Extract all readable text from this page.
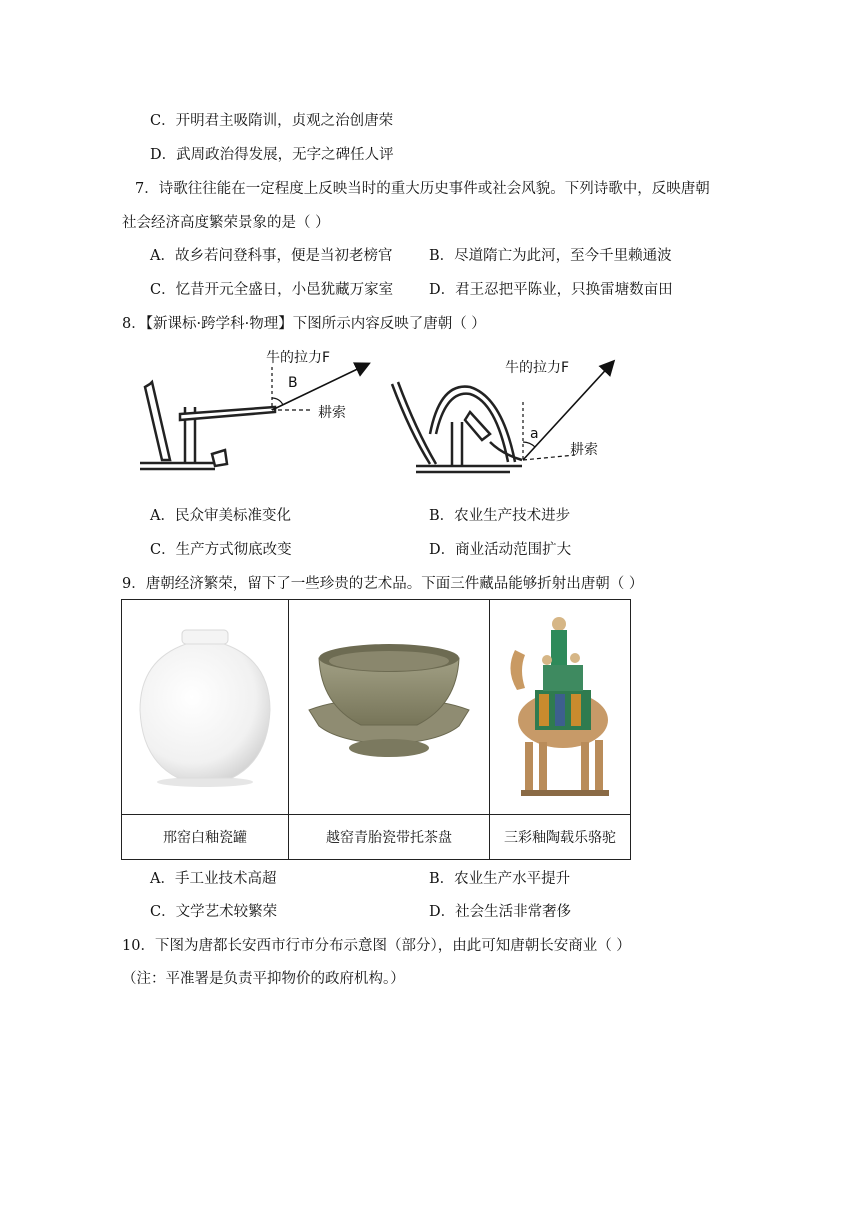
C．开明君主吸隋训，贞观之治创唐荣
D．武周政治得发展，无字之碑任人评
7．诗歌往往能在一定程度上反映当时的重大历史事件或社会风貌。下列诗歌中，反映唐朝
社会经济高度繁荣景象的是（ ）
A．故乡若问登科事，便是当初老榜官	B．尽道隋亡为此河，至今千里赖通波
C．忆昔开元全盛日，小邑犹藏万家室 D．君王忍把平陈业，只换雷塘数亩田
8．【新课标·跨学科·物理】下图所示内容反映了唐朝（ ）
牛的拉力F
B
耕索
牛的拉力F
a
耕索
A．民众审美标准变化	B．农业生产技术进步
C．生产方式彻底改变	D．商业活动范围扩大
9．唐朝经济繁荣，留下了一些珍贵的艺术品。下面三件藏品能够折射出唐朝（ ）

邢窑白釉瓷罐	越窑青胎瓷带托茶盘	三彩釉陶载乐骆驼
A．手工业技术高超	B．农业生产水平提升
C．文学艺术较繁荣	D．社会生活非常奢侈
10．下图为唐都长安西市行市分布示意图（部分），由此可知唐朝长安商业（ ）
（注：平准署是负责平抑物价的政府机构。）
